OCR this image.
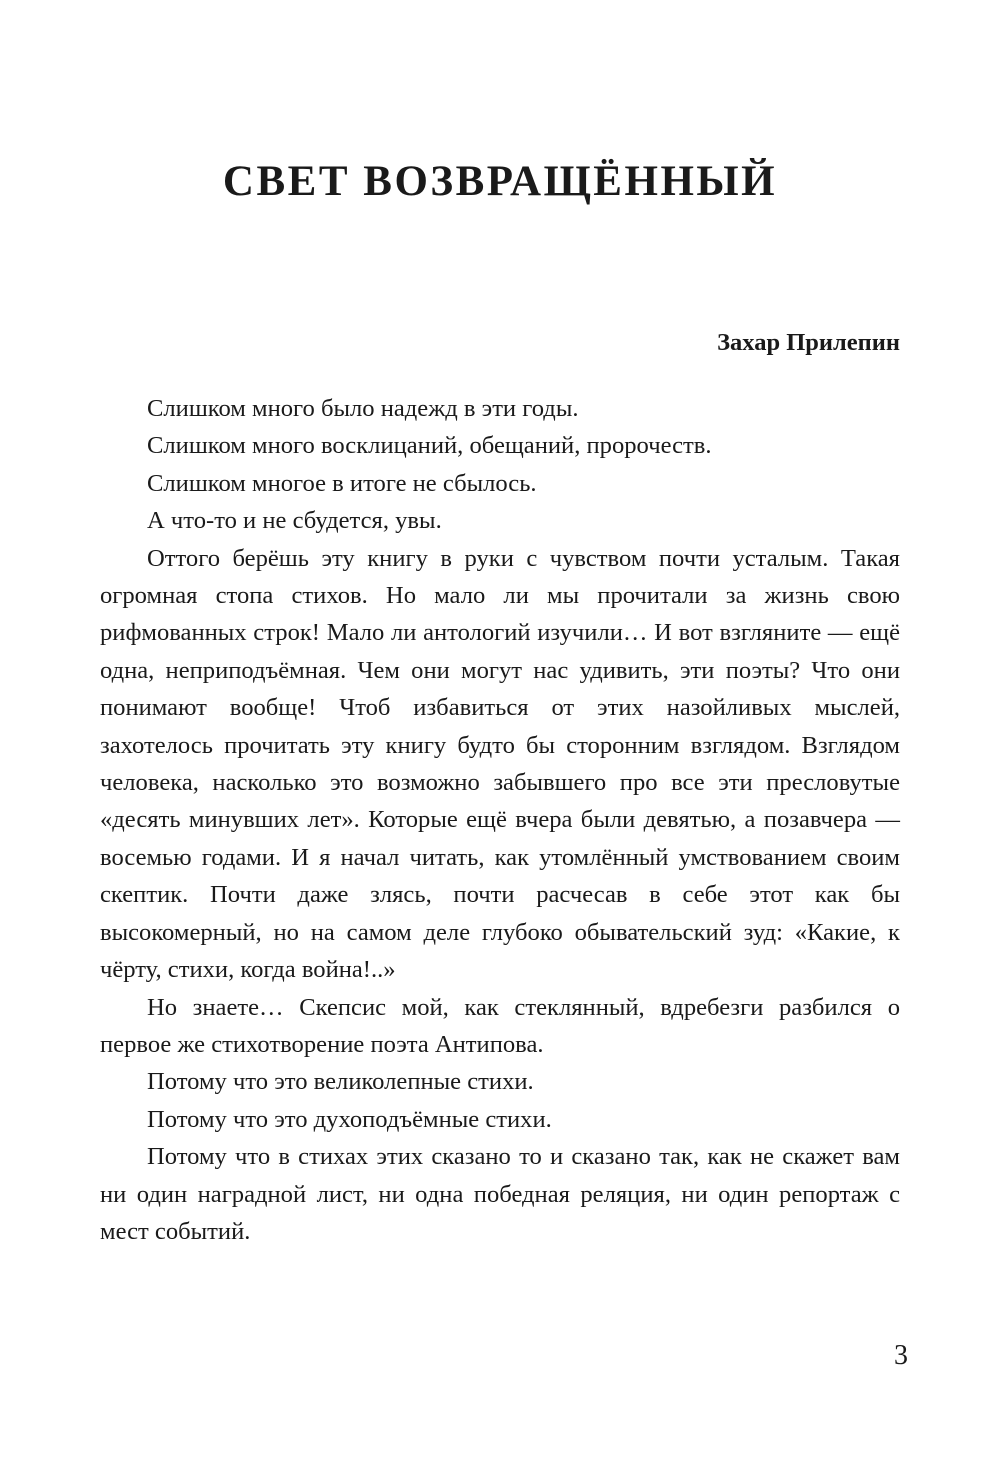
СВЕТ ВОЗВРАЩЁННЫЙ
Захар Прилепин

Слишком много было надежд в эти годы.

Слишком много восклицаний, обещаний, пророчеств.

Слишком многое в итоге не сбылось.

А что-то и не сбудется, увы.

Оттого берёшь эту книгу в руки с чувством почти усталым. Такая огромная стопа стихов. Но мало ли мы прочитали за жизнь свою рифмованных строк! Мало ли антологий изучили… И вот взгляните — ещё одна, неприподъёмная. Чем они могут нас удивить, эти поэты? Что они понимают вообще! Чтоб избавиться от этих назойливых мыслей, захотелось прочитать эту книгу будто бы сторонним взглядом. Взглядом человека, насколько это возможно забывшего про все эти пресловутые «десять минувших лет». Которые ещё вчера были девятью, а позавчера — восемью годами. И я начал читать, как утомлённый умствованием своим скептик. Почти даже злясь, почти расчесав в себе этот как бы высокомерный, но на самом деле глубоко обывательский зуд: «Какие, к чёрту, стихи, когда война!..»

Но знаете… Скепсис мой, как стеклянный, вдребезги разбился о первое же стихотворение поэта Антипова.

Потому что это великолепные стихи.

Потому что это духоподъёмные стихи.

Потому что в стихах этих сказано то и сказано так, как не скажет вам ни один наградной лист, ни одна победная реляция, ни один репортаж с мест событий.

3
